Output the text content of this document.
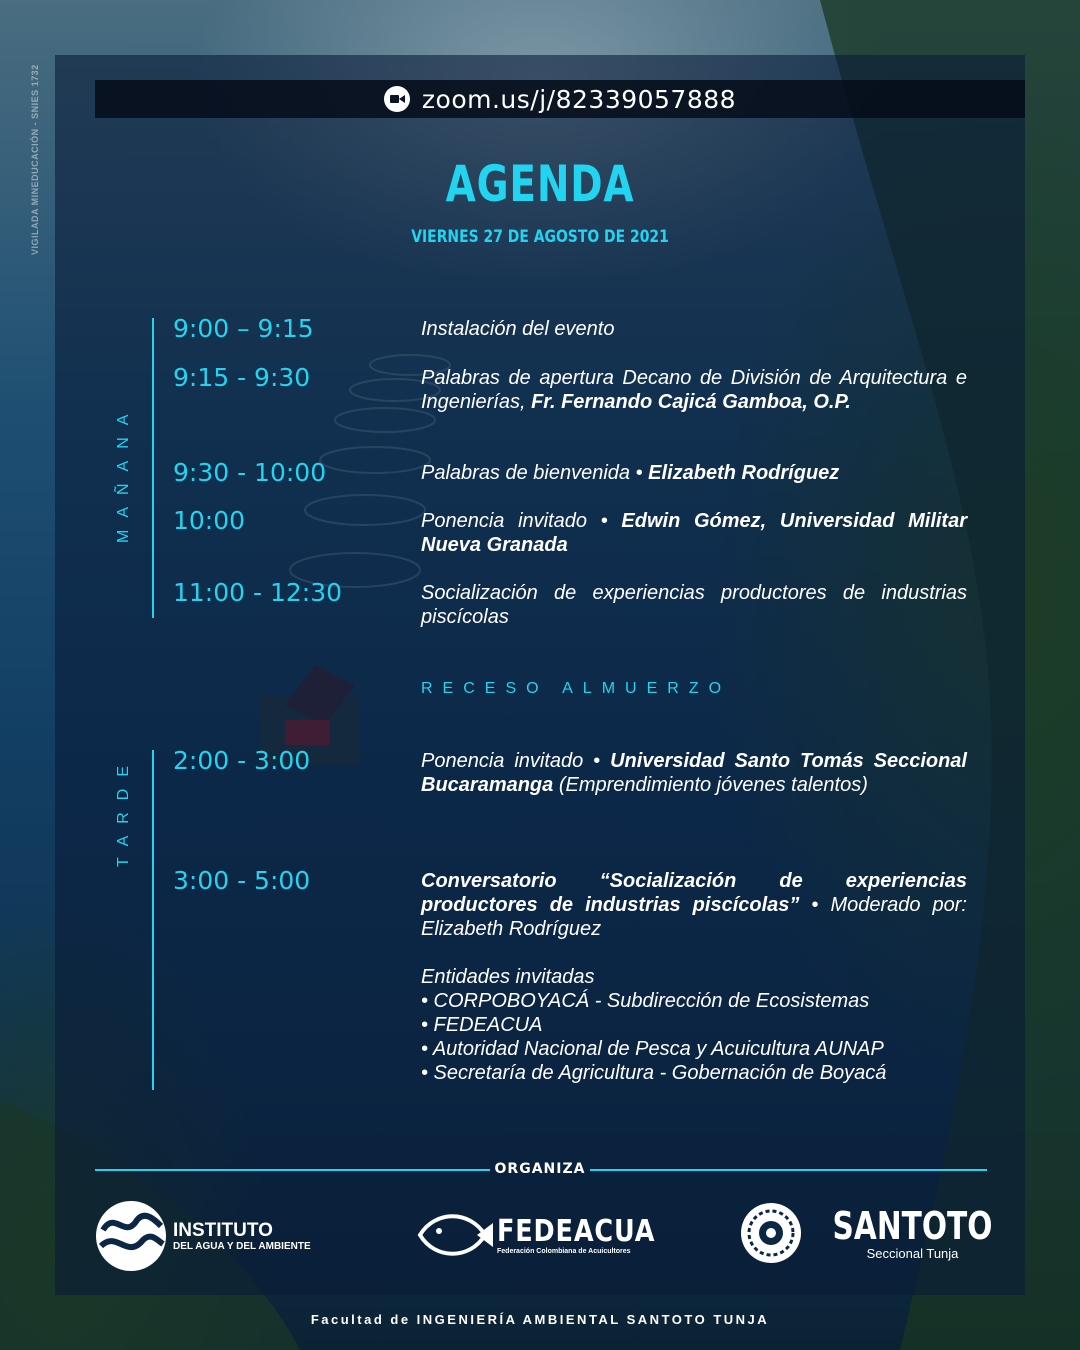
VIGILADA MINEDUCACIÓN - SNIES 1732	zoom.us/j/82339057888
AGENDA
VIERNES 27 DE AGOSTO DE 2021
MAÑANA
9:00 – 9:15	Instalación del evento
9:15 - 9:30	Palabras de apertura Decano de División de Arquitectura e Ingenierías, Fr. Fernando Cajicá Gamboa, O.P.
9:30 - 10:00	Palabras de bienvenida • Elizabeth Rodríguez
10:00	Ponencia invitado • Edwin Gómez, Universidad Militar Nueva Granada
11:00 - 12:30	Socialización de experiencias productores de industrias piscícolas
RECESO ALMUERZO
TARDE 2:00 - 3:00	Ponencia invitado • Universidad Santo Tomás Seccional Bucaramanga (Emprendimiento jóvenes talentos)
3:00 - 5:00	Conversatorio “Socialización de experiencias productores de industrias piscícolas” • Moderado por: Elizabeth Rodríguez
Entidades invitadas
• CORPOBOYACÁ - Subdirección de Ecosistemas
• FEDEACUA
• Autoridad Nacional de Pesca y Acuicultura AUNAP
• Secretaría de Agricultura - Gobernación de Boyacá
ORGANIZA
INSTITUTO
DEL AGUA Y DEL AMBIENTE	FEDEACUA
Federación Colombiana de Acuicultores
SANTOTO
Seccional Tunja
Facultad de INGENIERÍA AMBIENTAL SANTOTO TUNJA
